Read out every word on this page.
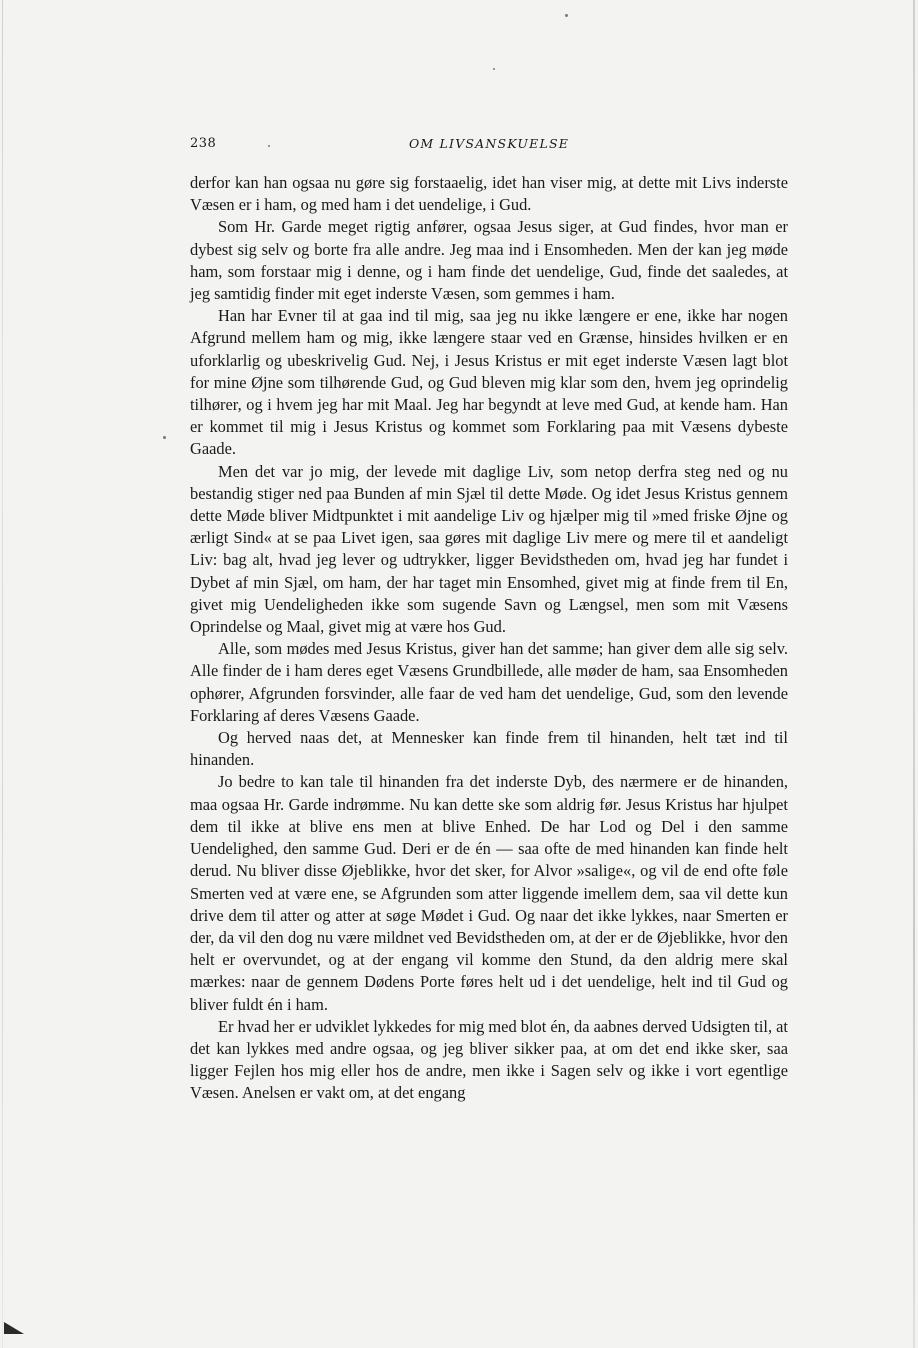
238	OM LIVSANSKUELSE

derfor kan han ogsaa nu gøre sig forstaaelig, idet han viser mig, at dette mit Livs inderste Væsen er i ham, og med ham i det uendelige, i Gud.

Som Hr. Garde meget rigtig anfører, ogsaa Jesus siger, at Gud findes, hvor man er dybest sig selv og borte fra alle andre. Jeg maa ind i Ensomheden. Men der kan jeg møde ham, som forstaar mig i denne, og i ham finde det uendelige, Gud, finde det saaledes, at jeg samtidig finder mit eget inderste Væsen, som gemmes i ham.

Han har Evner til at gaa ind til mig, saa jeg nu ikke længere er ene, ikke har nogen Afgrund mellem ham og mig, ikke længere staar ved en Grænse, hinsides hvilken er en uforklarlig og ubeskrivelig Gud. Nej, i Jesus Kristus er mit eget inderste Væsen lagt blot for mine Øjne som tilhørende Gud, og Gud bleven mig klar som den, hvem jeg oprindelig tilhører, og i hvem jeg har mit Maal. Jeg har begyndt at leve med Gud, at kende ham. Han er kommet til mig i Jesus Kristus og kommet som Forklaring paa mit Væsens dybeste Gaade.

Men det var jo mig, der levede mit daglige Liv, som netop derfra steg ned og nu bestandig stiger ned paa Bunden af min Sjæl til dette Møde. Og idet Jesus Kristus gennem dette Møde bliver Midtpunktet i mit aandelige Liv og hjælper mig til »med friske Øjne og ærligt Sind« at se paa Livet igen, saa gøres mit daglige Liv mere og mere til et aandeligt Liv: bag alt, hvad jeg lever og udtrykker, ligger Bevidstheden om, hvad jeg har fundet i Dybet af min Sjæl, om ham, der har taget min Ensomhed, givet mig at finde frem til En, givet mig Uendeligheden ikke som sugende Savn og Længsel, men som mit Væsens Oprindelse og Maal, givet mig at være hos Gud.

Alle, som mødes med Jesus Kristus, giver han det samme; han giver dem alle sig selv. Alle finder de i ham deres eget Væsens Grundbillede, alle møder de ham, saa Ensomheden ophører, Afgrunden forsvinder, alle faar de ved ham det uendelige, Gud, som den levende Forklaring af deres Væsens Gaade.

Og herved naas det, at Mennesker kan finde frem til hinanden, helt tæt ind til hinanden.

Jo bedre to kan tale til hinanden fra det inderste Dyb, des nærmere er de hinanden, maa ogsaa Hr. Garde indrømme. Nu kan dette ske som aldrig før. Jesus Kristus har hjulpet dem til ikke at blive ens men at blive Enhed. De har Lod og Del i den samme Uendelighed, den samme Gud. Deri er de én — saa ofte de med hinanden kan finde helt derud. Nu bliver disse Øjeblikke, hvor det sker, for Alvor »salige«, og vil de end ofte føle Smerten ved at være ene, se Afgrunden som atter liggende imellem dem, saa vil dette kun drive dem til atter og atter at søge Mødet i Gud. Og naar det ikke lykkes, naar Smerten er der, da vil den dog nu være mildnet ved Bevidstheden om, at der er de Øjeblikke, hvor den helt er overvundet, og at der engang vil komme den Stund, da den aldrig mere skal mærkes: naar de gennem Dødens Porte føres helt ud i det uendelige, helt ind til Gud og bliver fuldt én i ham.

Er hvad her er udviklet lykkedes for mig med blot én, da aabnes derved Udsigten til, at det kan lykkes med andre ogsaa, og jeg bliver sikker paa, at om det end ikke sker, saa ligger Fejlen hos mig eller hos de andre, men ikke i Sagen selv og ikke i vort egentlige Væsen. Anelsen er vakt om, at det engang
